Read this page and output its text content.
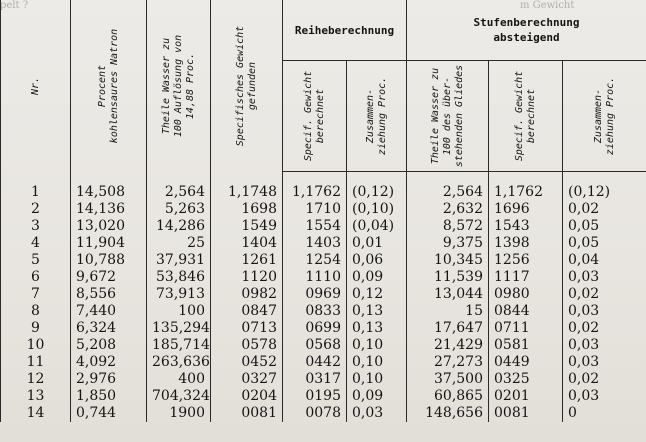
pelt ?	m Gewicht
Nr.	Procent kohlensaures Natron	Theile Wasser zu 100 Auflösung von 14,88 Proc.	Specifisches Gewicht gefunden	Reiheberechnung		Stufenberechnung
absteigend		

				Specif. Gewicht berechnet	Zusammen- ziehung Proc.	Theile Wasser zu 100 des über- stehenden Gliedes	Specif. Gewicht berechnet	Zusammen- ziehung Proc.

1	14,508	2,564	1,1748	1,1762	(0,12)	2,564	1,1762	(0,12)
2	14,136	5,263	1698	1710	(0,10)	2,632	1696	0,02
3	13,020	14,286	1549	1554	(0,04)	8,572	1543	0,05
4	11,904	25	1404	1403	0,01	9,375	1398	0,05
5	10,788	37,931	1261	1254	0,06	10,345	1256	0,04
6	9,672	53,846	1120	1110	0,09	11,539	1117	0,03
7	8,556	73,913	0982	0969	0,12	13,044	0980	0,02
8	7,440	100	0847	0833	0,13	15	0844	0,03
9	6,324	135,294	0713	0699	0,13	17,647	0711	0,02
10	5,208	185,714	0578	0568	0,10	21,429	0581	0,03
11	4,092	263,636	0452	0442	0,10	27,273	0449	0,03
12	2,976	400	0327	0317	0,10	37,500	0325	0,02
13	1,850	704,324	0204	0195	0,09	60,865	0201	0,03
14	0,744	1900	0081	0078	0,03	148,656	0081	0
